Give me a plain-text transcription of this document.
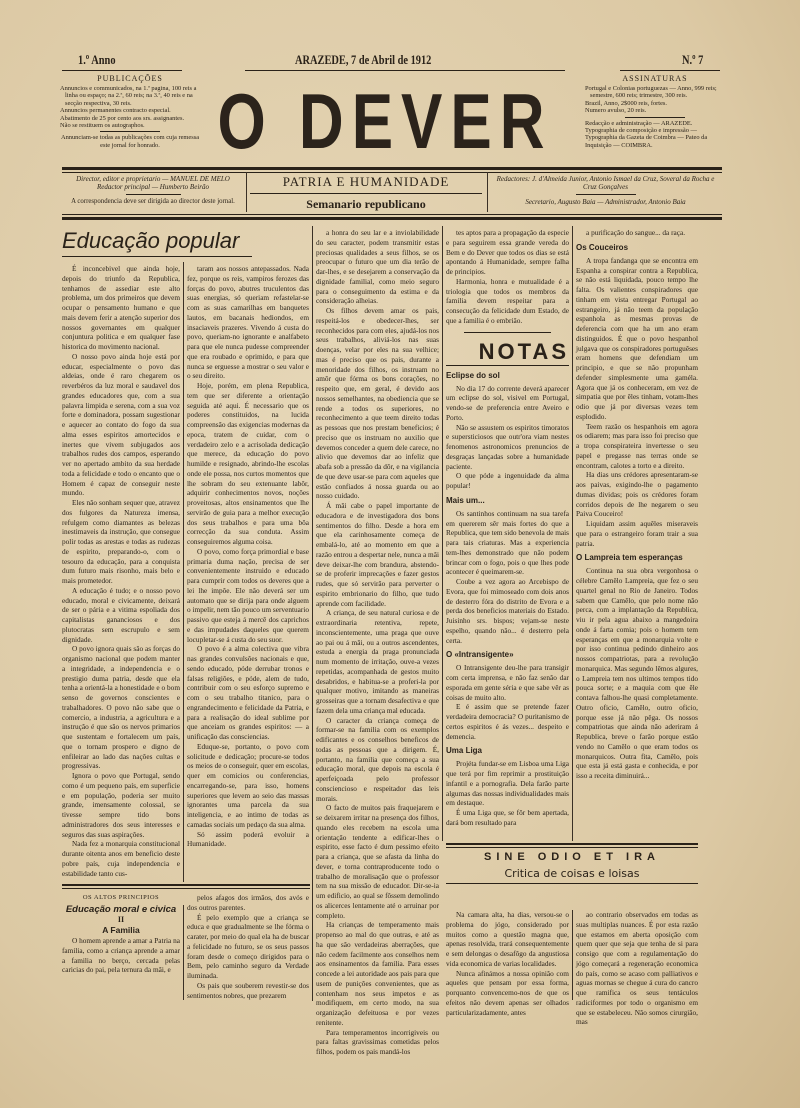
1.º Anno	ARAZEDE, 7 de Abril de 1912	N.º 7
PUBLICAÇÕES

Annuncios e communicados, na 1.ª pagina, 100 reis a linha ou espaço; na 2.ª, 60 reis; na 3.ª, 40 reis e na secção respectiva, 30 reis.

Annuncios permanentes contracto especial.

Abatimento de 25 por cento aos srs. assignantes.

Não se restituem os autographos.

Annunciam-se todas as publicações com cuja remessa este jornal for honrado. O DEVER
ASSINATURAS

Portugal e Colonias portuguezas — Anno, 999 reis; semestre, 600 reis; trimestre, 300 reis.

Brazil, Anno, 2$000 reis, fortes.

Numero avulso, 20 reis.

Redacção e administração — ARAZEDE. Typographia de composição e impressão — Typographia da Gazeta de Coimbra — Pateo da Inquisição — COIMBRA.
Director, editor e proprietario — MANUEL DE MELO
Redactor principal — Humberto Beirão
A correspondencia deve ser dirigida ao director deste jornal.
PATRIA E HUMANIDADE
Semanario republicano
Redactores: J. d'Almeida Junior, Antonio Ismael da Cruz, Soveral da Rocha e Cruz Gonçalves
Secretario, Augusto Baia — Administrador, Antonio Baia
Educação popular

É inconcebivel que ainda hoje, depois do triunfo da Republica, tenhamos de assediar este alto problema, um dos primeiros que devem ocupar o pensamento humano e que mais devem ferir a atenção superior dos nossos governantes em qualquer conjuntura politica e em qualquer fase historica do movimento nacional.

O nosso povo ainda hoje está por educar, especialmente o povo das aldeias, onde é raro chegarem os reverbéros da luz moral e saudavel dos grandes educadores que, com a sua palavra limpida e serena, com a sua voz forte e dominadora, possam sugestionar e aquecer ao contato do fogo da sua alma esses espiritos amortecidos e inertes que vivem subjugados aos trabalhos rudes dos campos, esperando ver no apertado ambito da sua herdade toda a felicidade e todo o encanto que o Homem é capaz de conseguir neste mundo.

Eles não sonham sequer que, atravez dos fulgores da Natureza imensa, refulgem como diamantes as belezas inestimaveis da instrução, que consegue polir todas as arestas e todas as rudezas de espirito, preparando-o, com o tesouro da educação, para a conquista dum futuro mais risonho, mais belo e mais prometedor.

A educação é tudo; e o nosso povo educado, moral e civicamente, deixará de ser o pária e a vitima espoliada dos capitalistas gananciosos e dos plutocratas sem escrupulo e sem dignidade.

O povo ignora quais são as forças do organismo nacional que podem manter a integridade, a independencia e o prestigio duma patria, desde que ela tenha a orientá-la a honestidade e o bom senso de governos conscientes e trabalhadores. O povo não sabe que o comercio, a industria, a agricultura e a instrução é que são os nervos primarios que sustentam e fortalecem um país, que o tornam prospero e digno de enfileirar ao lado das nações cultas e progressivas.

Ignora o povo que Portugal, sendo como é um pequeno país, em superficie e em população, poderia ser muito grande, imensamente colossal, se tivesse sempre tido bons administradores dos seus interesses e seguros das suas aspirações.

Nada fez a monarquia constitucional durante oitenta anos em beneficio deste pobre país, cuja independencia e estabilidade tanto cus-

taram aos nossos antepassados. Nada fez, porque os reis, vampiros ferozes das forças do povo, abutres truculentos das suas energias, só queriam refastelar-se com as suas camarilhas em banquetes lautos, em bacanais hediondos, em insaciaveis prazeres. Vivendo á custa do povo, queriam-no ignorante e analfabeto para que ele nunca pudesse compreender que era roubado e oprimido, e para que nunca se erguesse a mostrar o seu valor e o seu direito.

Hoje, porém, em plena Republica, tem que ser diferente a orientação seguida até aqui. É necessario que os poderes constituidos, na lucida compreensão das exigencias modernas da epoca, tratem de cuidar, com o verdadeiro zelo e a acrisolada dedicação que merece, da educação do povo humilde e resignado, abrindo-lhe escolas onde ele possa, nos curtos momentos que lhe sobram do seu extenuante labôr, adquirir conhecimentos novos, noções proveitosas, altos ensinamentos que lhe servirão de guia para a melhor execução dos seus trabalhos e para uma bôa correcção da sua conduta. Assim conseguiremos alguma coisa.

O povo, como força primordial e base primaria duma nação, precisa de ser convenientemente instruido e educado para cumprir com todos os deveres que a lei lhe impõe. Ele não deverá ser um automato que se dirija para onde alguem o impelir, nem tão pouco um serventuario passivo que esteja á mercê dos caprichos e das impudades daqueles que querem locupletar-se á custa do seu suor.

O povo é a alma colectiva que vibra nas grandes convulsões nacionais e que, sendo educado, póde derrubar tronos e falsas religiões, e póde, alem de tudo, contribuir com o seu esforço supremo e com o seu trabalho titanico, para o engrandecimento e felicidade da Patria, e para a realisação do ideal sublime por que anceiam os grandes espiritos: — a unificação das consciencias.

Eduque-se, portanto, o povo com solicitude e dedicação; procure-se todos os meios de o conseguir, quer em escolas, quer em comicios ou conferencias, encarregando-se, para isso, homens superiores que levem ao seio das massas ignorantes uma parcela da sua inteligencia, e ao intimo de todas as camadas sociais um pedaço da sua alma.

Só assim poderá evoluir a Humanidade.

OS ALTOS PRINCIPIOS
Educação moral e civica
II
A Familia

O homem aprende a amar a Patria na familia, como a criança aprende a amar a familia no berço, cercada pelas caricias do pai, pela ternura da mãi, e

pelos afagos dos irmãos, dos avós e dos outros parentes.

É pelo exemplo que a criança se educa e que gradualmente se lhe fórma o carater, por meio do qual ela ha de buscar a felicidade no futuro, se os seus passos foram desde o começo dirigidos para o Bem, pelo caminho seguro da Verdade iluminada.

Os pais que souberem revestir-se dos sentimentos nobres, que prezarem

a honra do seu lar e a inviolabilidade do seu caracter, podem transmitir estas preciosas qualidades a seus filhos, se os preocupar o futuro que um dia terão de dar-lhes, e se desejarem a conservação da dignidade familial, como meio seguro para o conseguimento da estima e da consideração alheias.

Os filhos devem amar os pais, respeitá-los e obedecer-lhes, ser reconhecidos para com eles, ajudá-los nos seus trabalhos, aliviá-los nas suas doenças, velar por eles na sua velhice; mas é preciso que os pais, durante a menoridade dos filhos, os instruam no amôr que fórma os bons corações, no respeito que, em geral, é devido aos nossos semelhantes, na obediencia que se rende a todos os superiores, no reconhecimento a que teem direito todas as pessoas que nos prestam beneficios; é preciso que os instruam no auxilio que devemos conceder a quem dele carece, no alivio que devemos dar ao infeliz que abafa sob a pressão da dôr, e na vigilancia de que deve usar-se para com aqueles que estão confiados á nossa guarda ou ao nosso cuidado.

Á mãi cabe o papel importante de educadora e de investigadora dos bons sentimentos do filho. Desde a hora em que ela carinhosamente começa de embalá-lo, até ao momento em que a razão entrou a despertar nele, nunca a mãi deve deixar-lhe com brandura, abstendo-se de proferir imprecações e fazer gestos rudes, que só servirão para perverter o espirito embrionario do filho, que tudo aprende com facilidade.

A criança, de seu natural curiosa e de extraordinaria retentiva, repete, inconscientemente, uma praga que ouve ao pai ou á mãi, ou a outros ascendentes, estuda a energia da praga pronunciada num momento de irritação, ouve-a vezes repetidas, acompanhada de gestos muito desabridos, e habitua-se a proferi-la por qualquer motivo, imitando as maneiras grosseiras que a tornam desafectiva e que fazem dela uma criança mal educada.

O caracter da criança começa de formar-se na familia com os exemplos edificantes e os conselhos beneficos de todas as pessoas que a dirigem. É, portanto, na familia que começa a sua educação moral, que depois na escola é aperfeiçoada pelo professor consciencioso e respeitador das leis morais.

O facto de muitos pais fraquejarem e se deixarem irritar na presença dos filhos, quando eles recebem na escola uma orientação tendente a edificar-lhes o espirito, esse facto é dum pessimo efeito para a criança, que se afasta da linha do dever, e torna contraproducente todo o trabalho de moralisação que o professor tem na sua missão de educador. Dir-se-ia um edificio, ao qual se fôssem demolindo os alicerces lentamente até o arruinar por completo.

Ha crianças de temperamento mais propenso ao mal do que outras, e até as ha que são verdadeiras aberrações, que não cedem facilmente aos conselhos nem aos ensinamentos da familia. Para esses concede a lei autoridade aos pais para que usem de punições convenientes, que as contenham nos seus impetos e as modifiquem, em certo modo, na sua organização defeituosa e por vezes renitente.

Para temperamentos incorrigiveis ou para faltas gravissimas cometidas pelos filhos, podem os pais mandá-los

tes aptos para a propagação da especie e para seguirem essa grande vereda do Bem e do Dever que todos os dias se está apontando á Humanidade, sempre falha de principios.

Harmonia, honra e mutualidade é a triologia que todos os membros da familia devem respeitar para a consecução da felicidade dum Estado, de que a familia é o embrião.

NOTAS
Eclipse do sol

No dia 17 do corrente deverá aparecer um eclipse do sol, visivel em Portugal, vendo-se de preferencia entre Aveiro e Porto.

Não se assustem os espiritos timoratos e supersticiosos que outr'ora viam nestes fenomenos astronomicos prenuncios de desgraças lançadas sobre a humanidade paciente.

O que póde a ingenuidade da alma popular!

Mais um...

Os santinhos continuam na sua tarefa em quererem sêr mais fortes do que a Republica, que tem sido benevola de mais para tais criaturas. Mas a experiencia tem-lhes demonstrado que não podem brincar com o fogo, pois o que lhes pode acontecer é queimarem-se.

Coube a vez agora ao Arcebispo de Evora, que foi mimoseado com dois anos de desterro fóra do distrito de Evora e a perda dos beneficios materiais do Estado. Juisinho srs. bispos; vejam-se neste espelho, quando não... é desterro pela certa.

O «Intransigente»

O Intransigente deu-lhe para transigir com certa imprensa, e não faz senão dar esporada em gente séria e que sabe vêr as coisas de muito alto.

E é assim que se pretende fazer verdadeira democracia? O puritanismo de certos espiritos é ás vezes... despeito e demencia.

Uma Liga

Projéta fundar-se em Lisboa uma Liga que terá por fim reprimir a prostituição infantil e a pornografia. Dela farão parte algumas das nossas individualidades mais em destaque.

É uma Liga que, se fôr bem apertada, dará bom resultado para

a purificação do sangue... da raça.

Os Couceiros

A tropa fandanga que se encontra em Espanha a conspirar contra a Republica, se não está liquidada, pouco tempo lhe falta. Os valientes conspiradores que tinham em vista entregar Portugal ao estrangeiro, já não teem da população espanhola as mesmas provas de deferencia com que ha um ano eram distinguidos. É que o povo hespanhol julgava que os conspiradores portuguêses eram homens que defendiam um principio, e que se não propunham defender simplesmente uma gaméla. Agora que já os conheceram, em vez de simpatia que por êles tinham, votam-lhes odio que já por diversas vezes tem esplodido.

Teem razão os hespanhois em agora os odiarem; mas para isso foi preciso que a tropa conspirateira invertesse o seu papel e pregasse nas terras onde se encontram, calotes a torto e a direito.

Ha dias uns crédores apresentaram-se aos paivas, exigindo-lhe o pagamento dumas dividas; pois os crédores foram corridos depois de lhe negarem o seu Paiva Couceiro!

Liquidam assim aquêles miseraveis que para o estrangeiro foram trair a sua patria.

O Lampreia tem esperanças

Continua na sua obra vergonhosa o célebre Camêlo Lampreia, que fez o seu quartel genal no Rio de Janeiro. Todos sabem que Camêlo, que pelo nome não perca, com a implantação da Republica, viu ir pela agua abaixo a mangedoira onde á farta comia; pois o homem tem esperanças em que a monarquia volte e por isso continua pedindo dinheiro aos nossos compatriotas, para a revolução monarquica. Mas segundo lêmos algures, o Lampreia tem nos ultimos tempos tido pouca sorte; e a maquia com que êle contava falhou-lhe quasi completamente. Outro oficio, Camêlo, outro oficio, porque esse já não pêga. Os nossos compatriotas que ainda não aderiram á Republica, breve o farão porque estão vendo no Camêlo o que eram todos os monarquicos. Outra fita, Camêlo, pois que esta já está gasta e conhecida, e por isso a receita diminuirá...

SINE ODIO ET IRA
Critica de coisas e loisas

Na camara alta, ha dias, versou-se o problema do jógo, considerado por muitos como a questão magna que, apenas resolvida, trará consequentemente e sem delongas o desafôgo da angustiosa vida economica de varias localidades.

Nunca afinámos a nossa opinião com aqueles que pensam por essa forma, porquanto convencemo-nos de que os efeitos não devem apenas ser olhados particularizadamente, antes

ao contrario observados em todas as suas multiplas nuances. É por esta razão que estamos em aberta oposição com quem quer que seja que tenha de si para consigo que com a regulamentação do jógo começará a regeneração economica do país, como se acaso com palliativos e aguas mornas se chegue á cura do cancro que ramifica os seus tentáculos radiciformes por todo o organismo em que se estabeleceu. Não somos cirurgião, mas
